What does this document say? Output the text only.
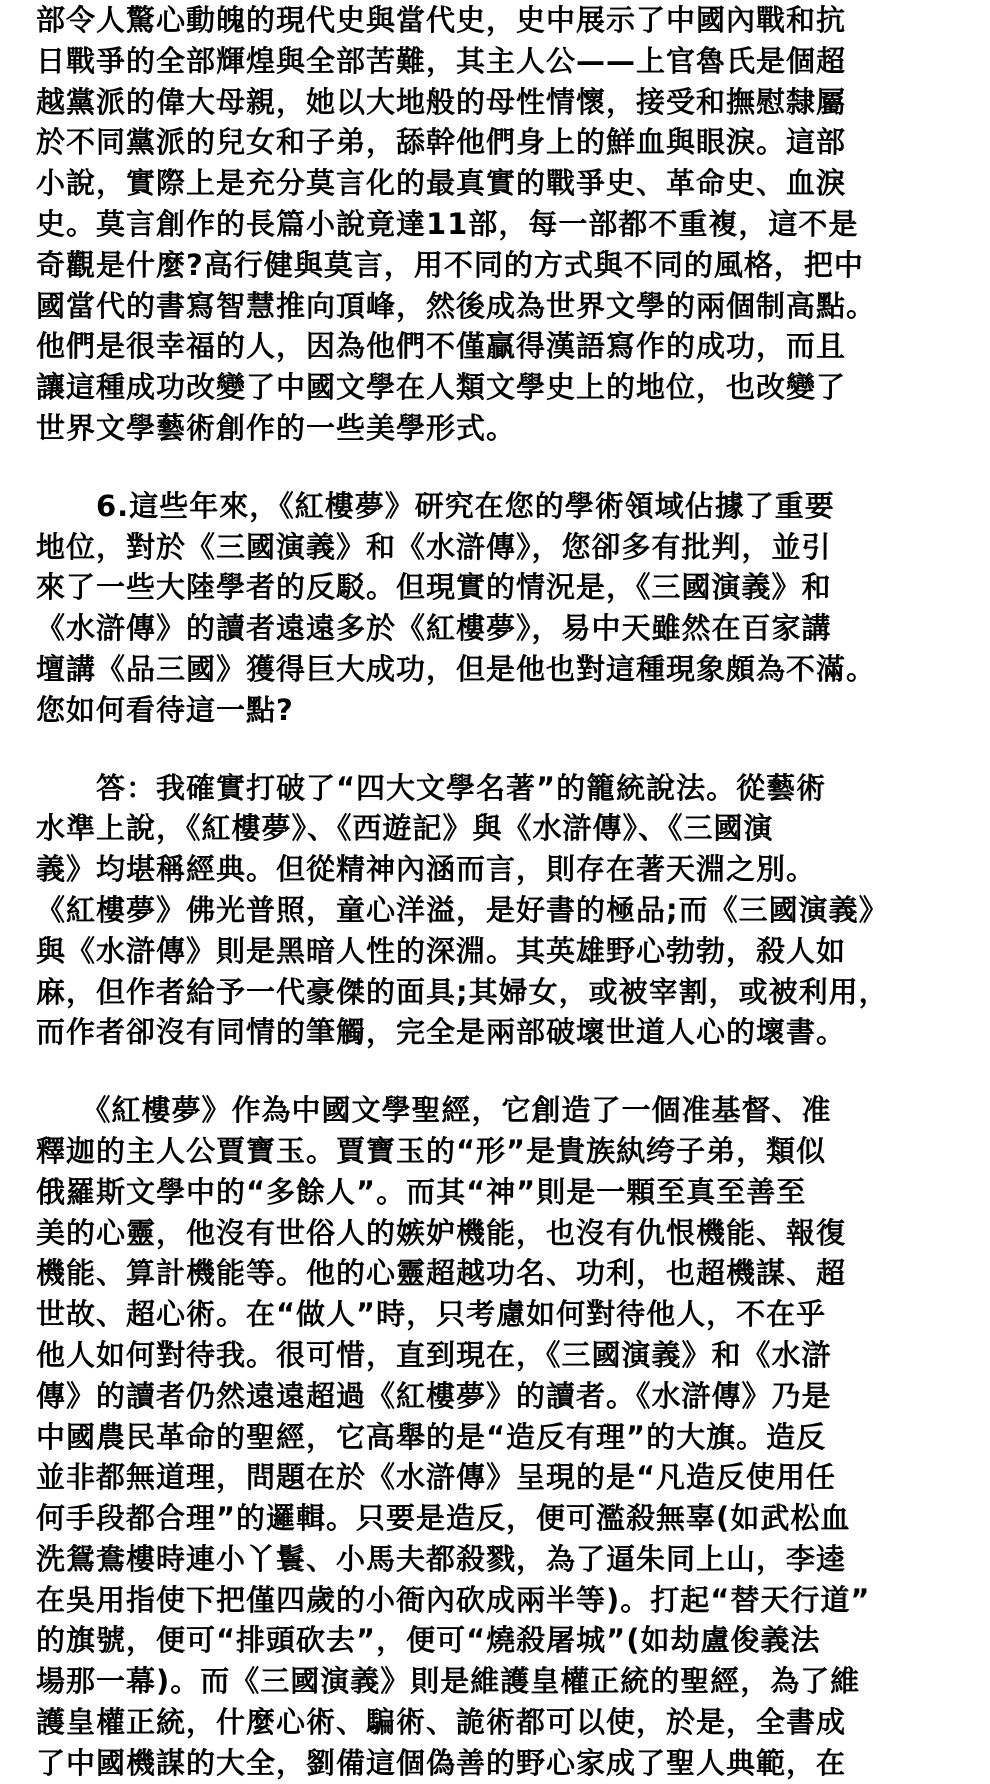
部令人驚心動魄的現代史與當代史，史中展示了中國內戰和抗
日戰爭的全部輝煌與全部苦難，其主人公——上官魯氏是個超
越黨派的偉大母親，她以大地般的母性情懷，接受和撫慰隸屬
於不同黨派的兒女和子弟，舔幹他們身上的鮮血與眼淚。這部
小說，實際上是充分莫言化的最真實的戰爭史、革命史、血淚
史。莫言創作的長篇小說竟達11部，每一部都不重複，這不是
奇觀是什麼?高行健與莫言，用不同的方式與不同的風格，把中
國當代的書寫智慧推向頂峰，然後成為世界文學的兩個制高點。
他們是很幸福的人，因為他們不僅贏得漢語寫作的成功，而且
讓這種成功改變了中國文學在人類文學史上的地位，也改變了
世界文學藝術創作的一些美學形式。
　　6.這些年來，《紅樓夢》研究在您的學術領域佔據了重要
地位，對於《三國演義》和《水滸傳》，您卻多有批判，並引
來了一些大陸學者的反駁。但現實的情況是，《三國演義》和
《水滸傳》的讀者遠遠多於《紅樓夢》，易中天雖然在百家講
壇講《品三國》獲得巨大成功，但是他也對這種現象頗為不滿。
您如何看待這一點?
　　答：我確實打破了“四大文學名著”的籠統說法。從藝術
水準上說，《紅樓夢》、《西遊記》與《水滸傳》、《三國演
義》均堪稱經典。但從精神內涵而言，則存在著天淵之別。
《紅樓夢》佛光普照，童心洋溢，是好書的極品;而《三國演義》
與《水滸傳》則是黑暗人性的深淵。其英雄野心勃勃，殺人如
麻，但作者給予一代豪傑的面具;其婦女，或被宰割，或被利用，
而作者卻沒有同情的筆觸，完全是兩部破壞世道人心的壞書。
　　《紅樓夢》作為中國文學聖經，它創造了一個准基督、准
釋迦的主人公賈寶玉。賈寶玉的“形”是貴族紈绔子弟，類似
俄羅斯文學中的“多餘人”。而其“神”則是一顆至真至善至
美的心靈，他沒有世俗人的嫉妒機能，也沒有仇恨機能、報復
機能、算計機能等。他的心靈超越功名、功利，也超機謀、超
世故、超心術。在“做人”時，只考慮如何對待他人，不在乎
他人如何對待我。很可惜，直到現在，《三國演義》和《水滸
傳》的讀者仍然遠遠超過《紅樓夢》的讀者。《水滸傳》乃是
中國農民革命的聖經，它高舉的是“造反有理”的大旗。造反
並非都無道理，問題在於《水滸傳》呈現的是“凡造反使用任
何手段都合理”的邏輯。只要是造反，便可濫殺無辜(如武松血
洗鴛鴦樓時連小丫鬟、小馬夫都殺戮，為了逼朱同上山，李逵
在吳用指使下把僅四歲的小衙內砍成兩半等)。打起“替天行道”
的旗號，便可“排頭砍去”，便可“燒殺屠城”(如劫盧俊義法
場那一幕)。而《三國演義》則是維護皇權正統的聖經，為了維
護皇權正統，什麼心術、騙術、詭術都可以使，於是，全書成
了中國機謀的大全，劉備這個偽善的野心家成了聖人典範，在
